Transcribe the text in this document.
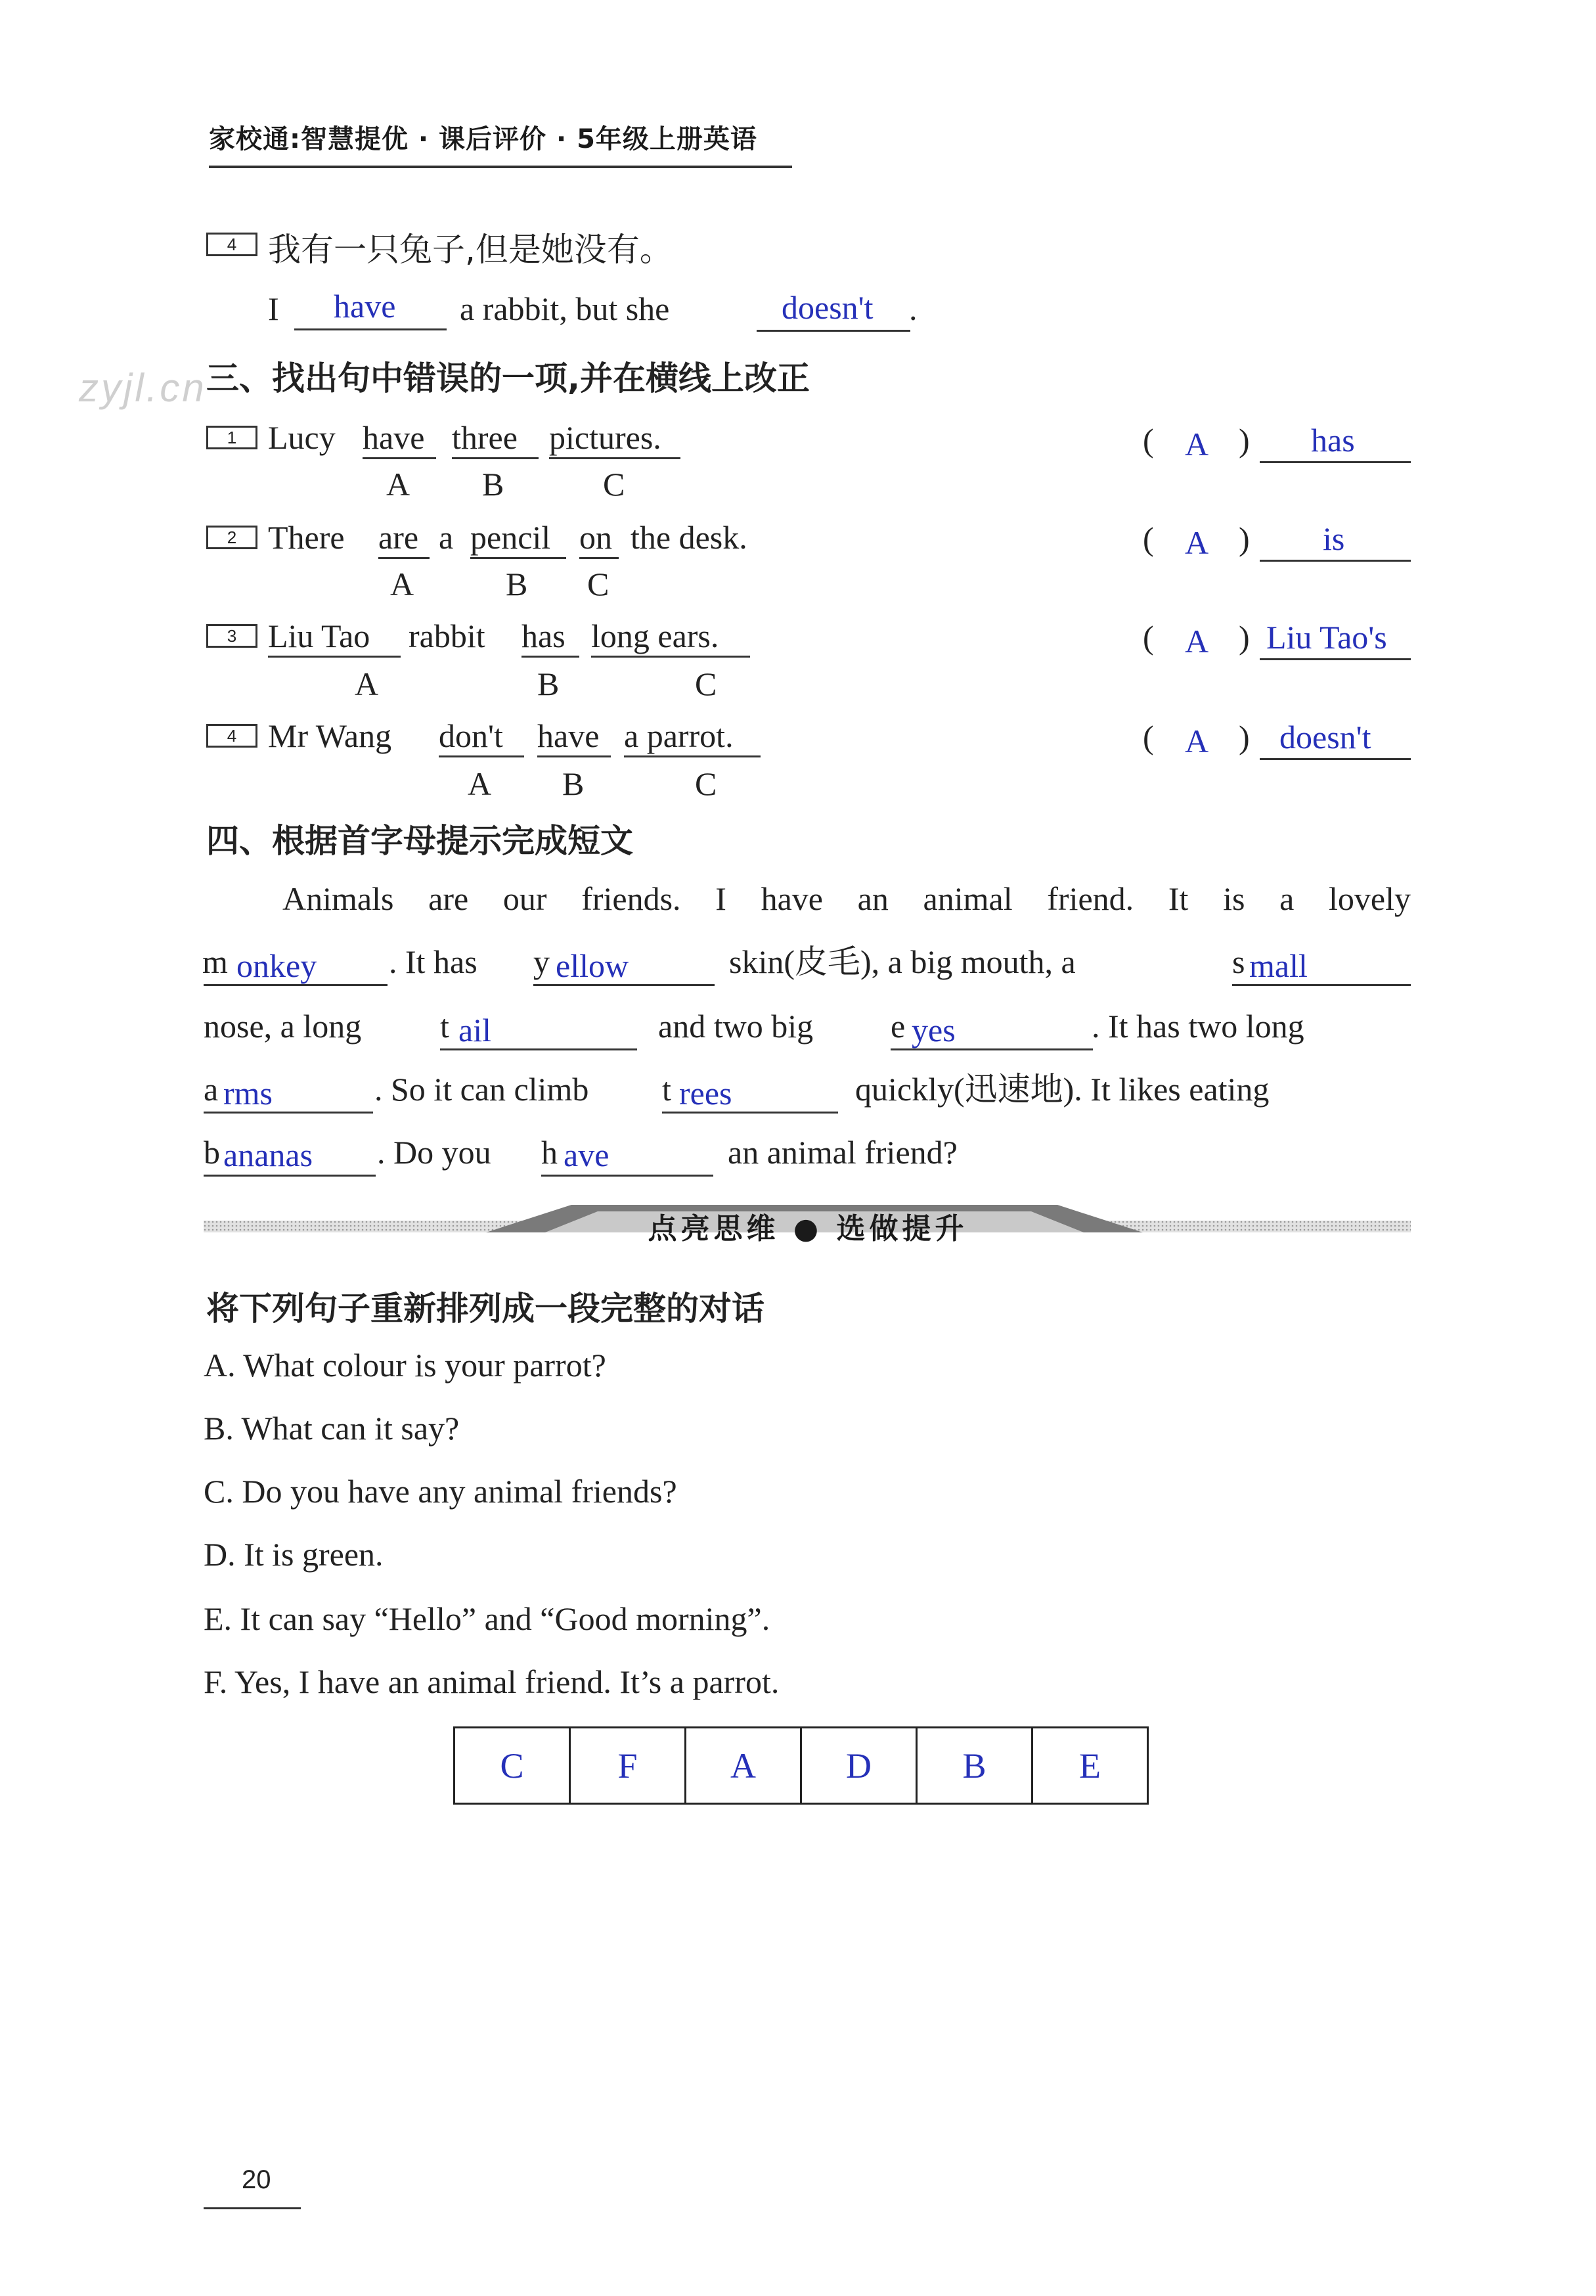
家校通:智慧提优 · 课后评价 · 5年级上册英语
zyjl.cn
4 我有一只兔子,但是她没有。
I have a rabbit, but she	doesn't .
三、找出句中错误的一项,并在横线上改正
1 Lucy have three pictures.
A B	C
( A ) has
2 There are a pencil on the desk.
A	B C
( A ) is
3 Liu Tao	rabbit has long ears.
A	B	C
( A ) Liu Tao's
4 Mr Wang don't	have a parrot.
A B	C
( A ) doesn't
四、根据首字母提示完成短文
Animals are our friends. I have an animal friend. It is a lovely
m onkey . It has y ellow	skin(皮毛), a big mouth, a	s mall
nose, a long t ail	and two big e yes	. It has two long
a rms	. So it can climb t rees	quickly(迅速地). It likes eating
b ananas . Do you h ave	an animal friend?
点亮思维 ● 选做提升
将下列句子重新排列成一段完整的对话
A. What colour is your parrot?
B. What can it say?
C. Do you have any animal friends?
D. It is green.
E. It can say “Hello” and “Good morning”.
F. Yes, I have an animal friend. It’s a parrot.
C	F	A	D	B	E
20
